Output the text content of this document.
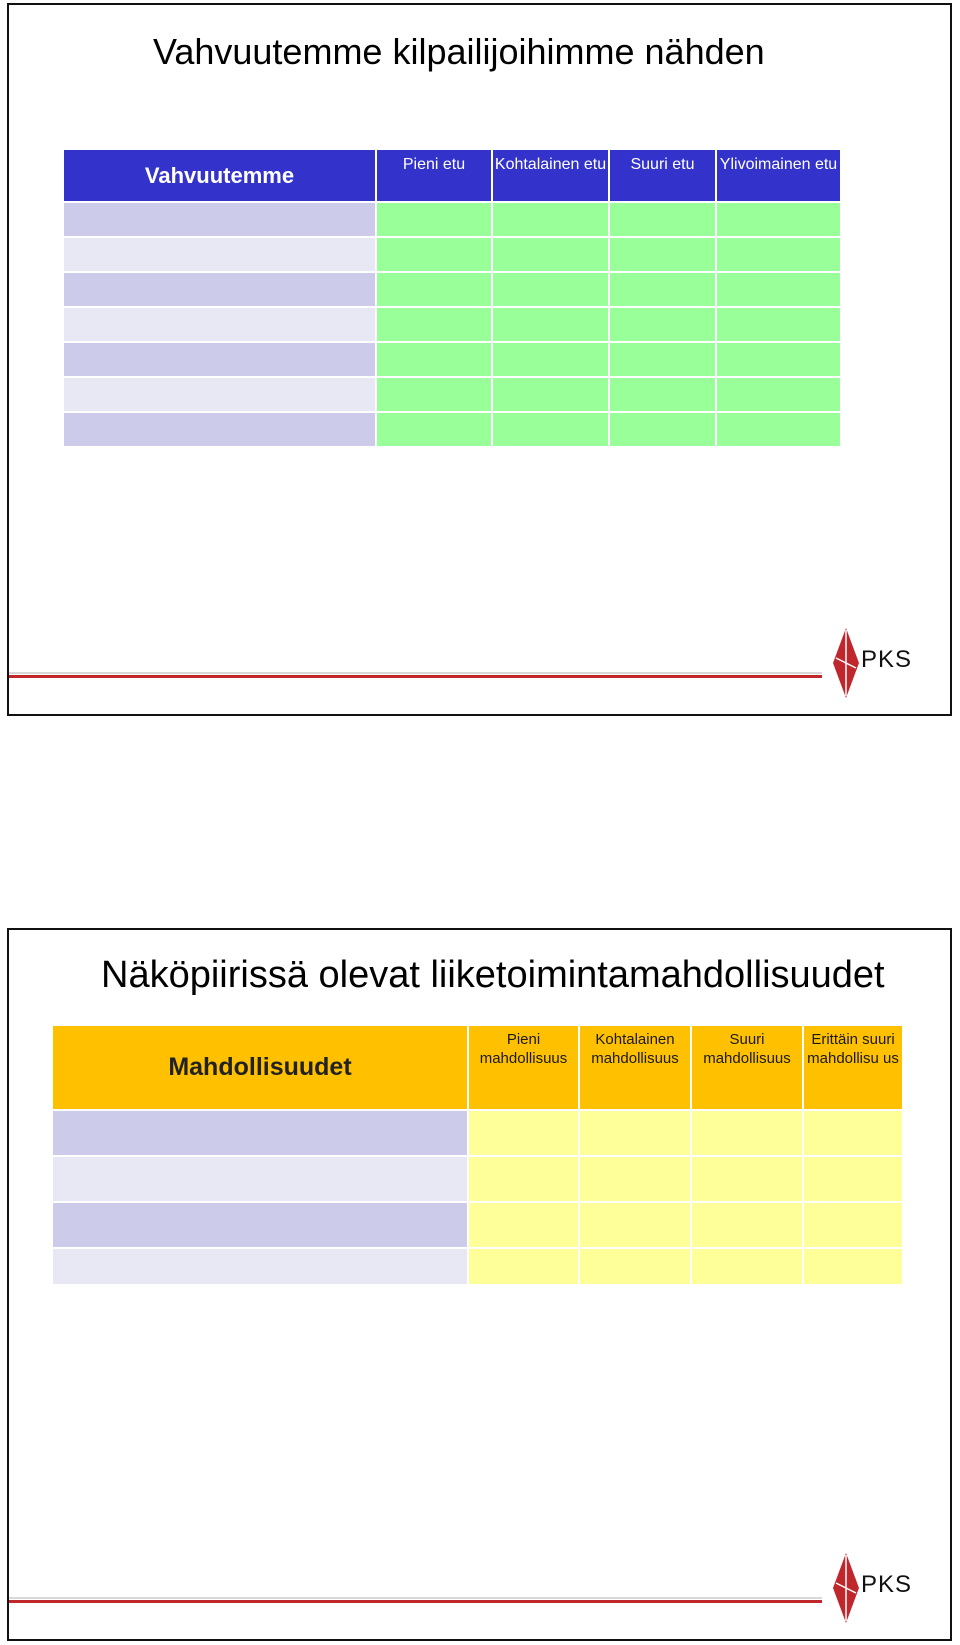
Vahvuutemme kilpailijoihimme nähden
Vahvuutemme	Pieni etu	Kohtalainen etu	Suuri etu	Ylivoimainen etu

PKS
Näköpiirissä olevat liiketoimintamahdollisuudet
Mahdollisuudet	Pieni mahdollisuus	Kohtalainen mahdollisuus	Suuri mahdollisuus	Erittäin suuri mahdollisu us

PKS
